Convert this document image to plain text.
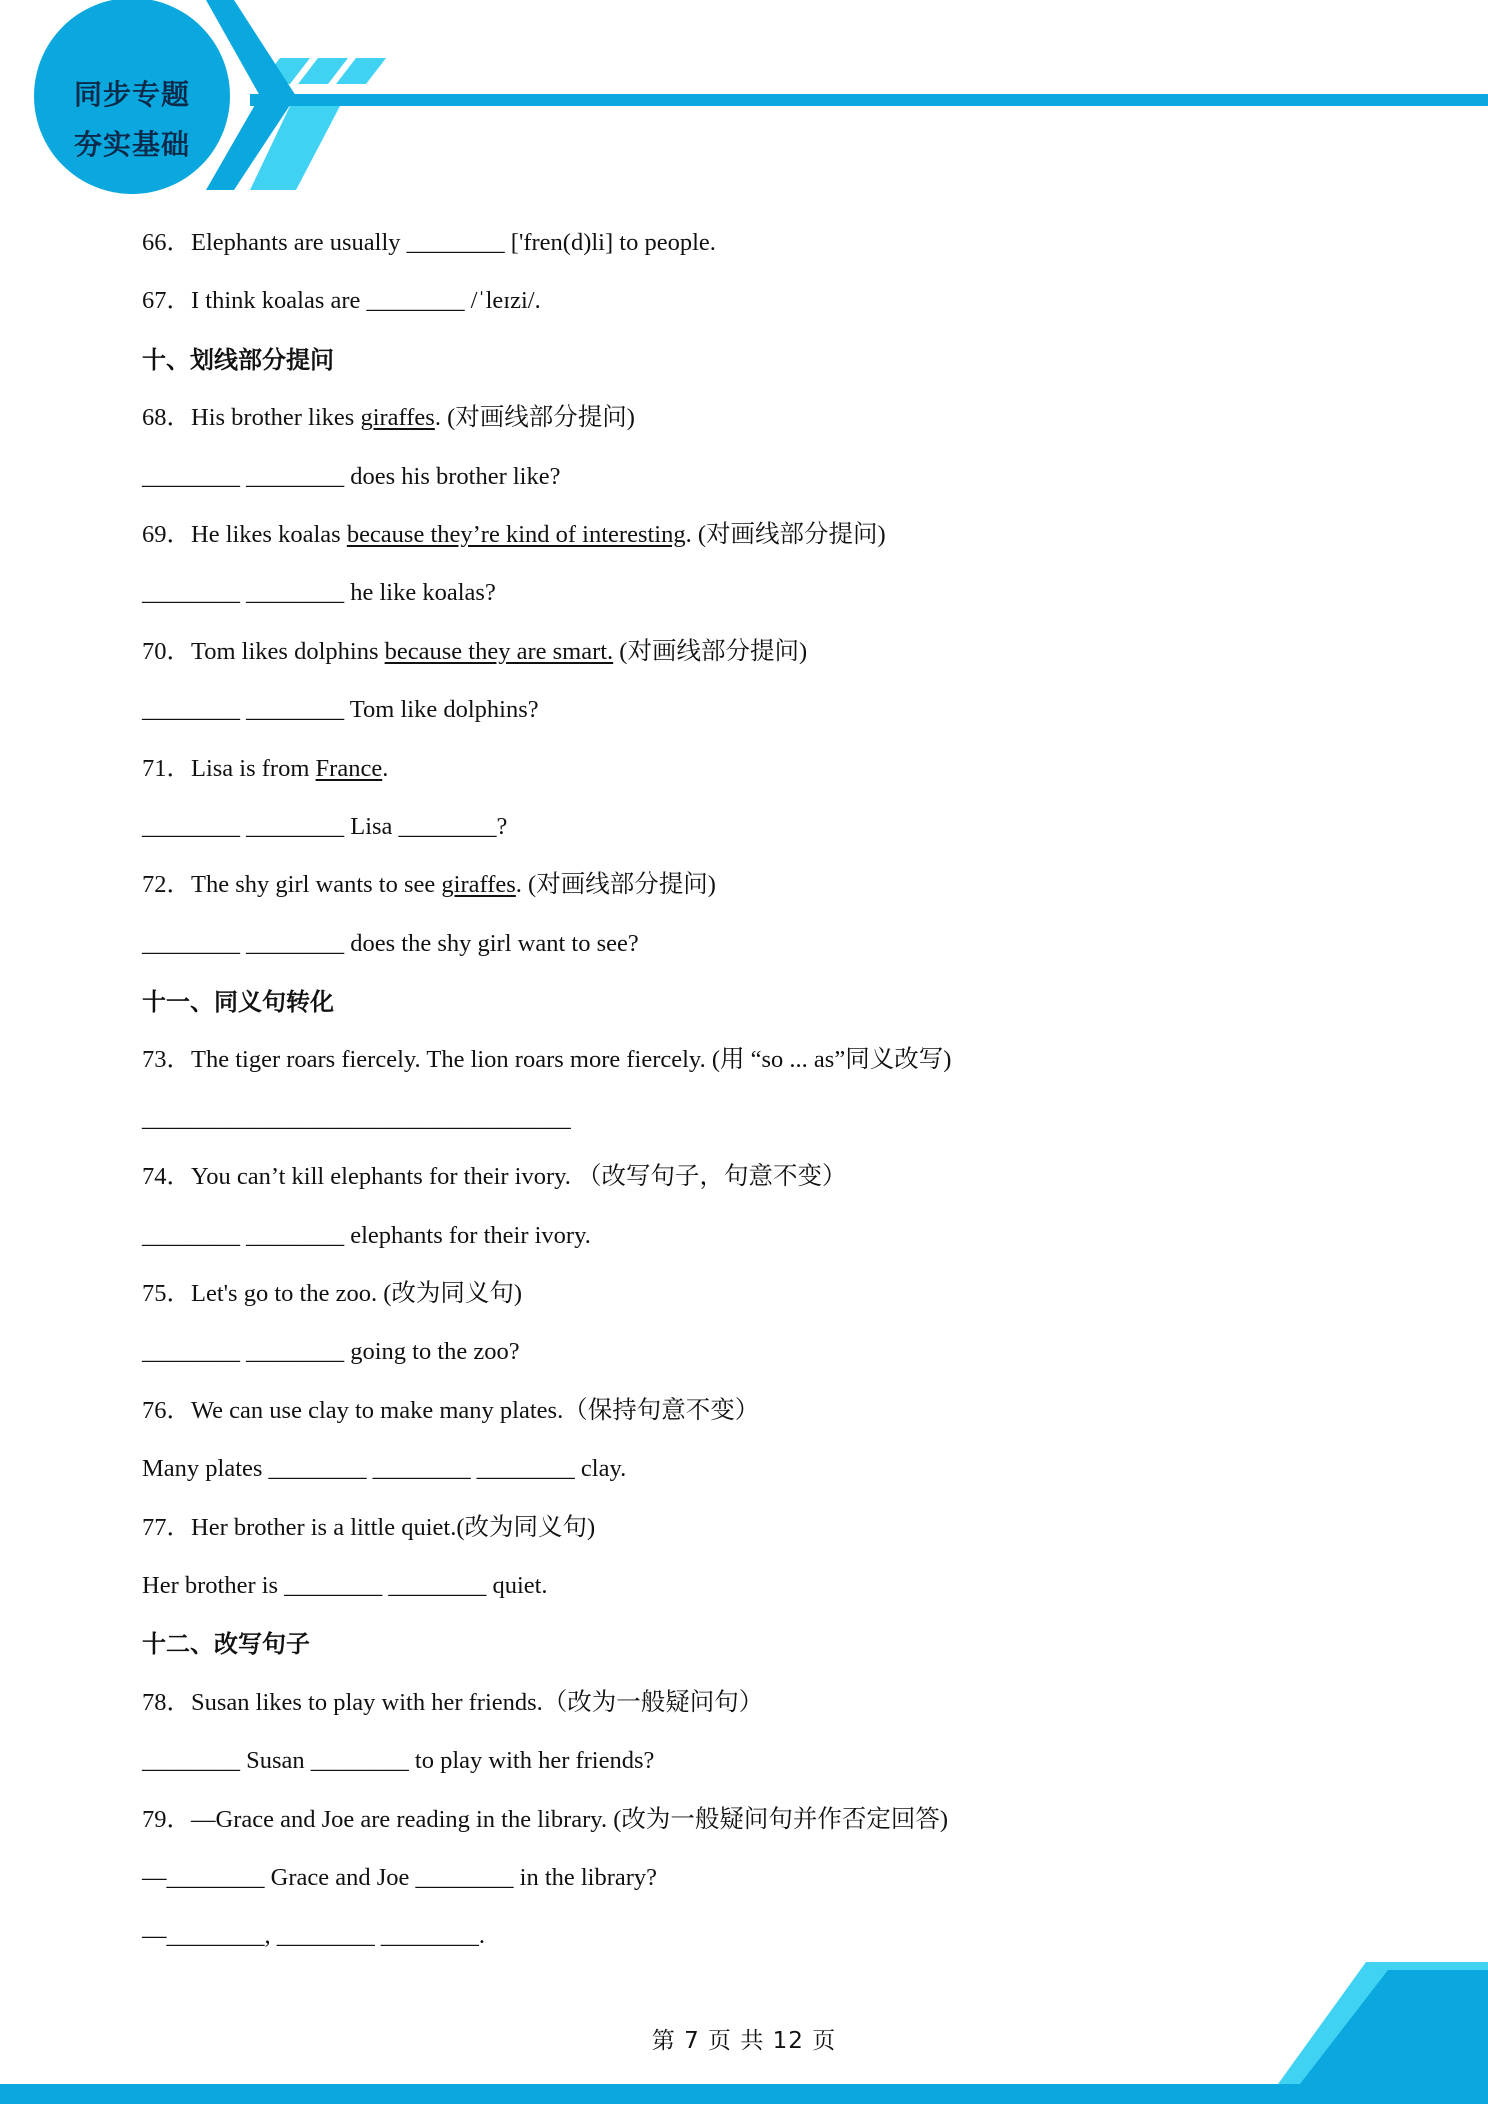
同步专题
夯实基础
66．Elephants are usually ________ ['fren(d)li] to people.
67．I think koalas are ________ /ˈleɪzi/.
十、划线部分提问
68．His brother likes giraffes. (对画线部分提问)
________ ________ does his brother like?
69．He likes koalas because they’re kind of interesting. (对画线部分提问)
________ ________ he like koalas?
70．Tom likes dolphins because they are smart. (对画线部分提问)
________ ________ Tom like dolphins?
71．Lisa is from France.
________ ________ Lisa ________?
72．The shy girl wants to see giraffes. (对画线部分提问)
________ ________ does the shy girl want to see?
十一、同义句转化
73．The tiger roars fiercely. The lion roars more fiercely. (用 “so ... as”同义改写)
___________________________________
74．You can’t kill elephants for their ivory. （改写句子，句意不变）
________ ________ elephants for their ivory.
75．Let's go to the zoo. (改为同义句)
________ ________ going to the zoo?
76．We can use clay to make many plates.（保持句意不变）
Many plates ________ ________ ________ clay.
77．Her brother is a little quiet.(改为同义句)
Her brother is ________ ________ quiet.
十二、改写句子
78．Susan likes to play with her friends.（改为一般疑问句）
________ Susan ________ to play with her friends?
79．—Grace and Joe are reading in the library. (改为一般疑问句并作否定回答)
—________ Grace and Joe ________ in the library?
—________, ________ ________.
第 7 页 共 12 页
